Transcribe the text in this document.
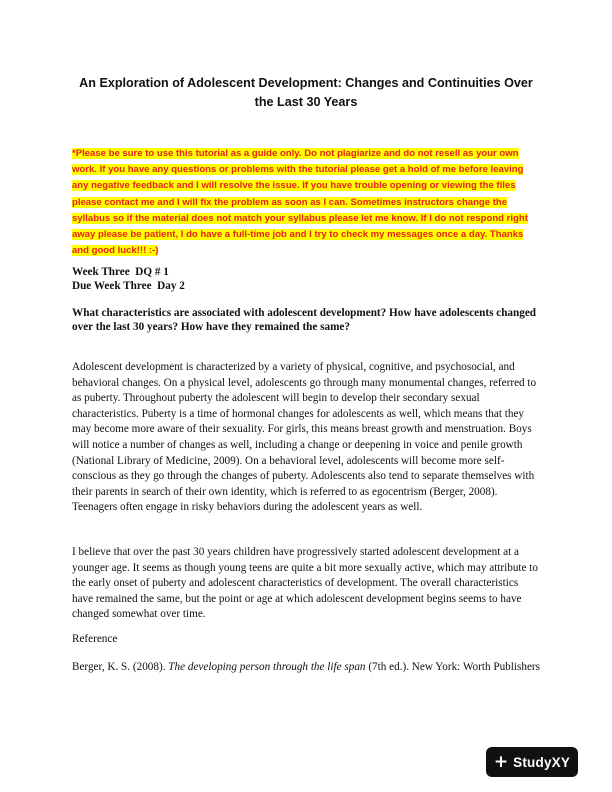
An Exploration of Adolescent Development: Changes and Continuities Over the Last 30 Years

*Please be sure to use this tutorial as a guide only. Do not plagiarize and do not resell as your own work. If you have any questions or problems with the tutorial please get a hold of me before leaving any negative feedback and I will resolve the issue. If you have trouble opening or viewing the files please contact me and I will fix the problem as soon as I can. Sometimes instructors change the syllabus so if the material does not match your syllabus please let me know. If I do not respond right away please be patient, I do have a full-time job and I try to check my messages once a day. Thanks and good luck!!! :-)

Week Three  DQ # 1
Due Week Three  Day 2

What characteristics are associated with adolescent development? How have adolescents changed over the last 30 years? How have they remained the same?

Adolescent development is characterized by a variety of physical, cognitive, and psychosocial, and behavioral changes. On a physical level, adolescents go through many monumental changes, referred to as puberty. Throughout puberty the adolescent will begin to develop their secondary sexual characteristics. Puberty is a time of hormonal changes for adolescents as well, which means that they may become more aware of their sexuality. For girls, this means breast growth and menstruation. Boys will notice a number of changes as well, including a change or deepening in voice and penile growth (National Library of Medicine, 2009). On a behavioral level, adolescents will become more self-conscious as they go through the changes of puberty. Adolescents also tend to separate themselves with their parents in search of their own identity, which is referred to as egocentrism (Berger, 2008). Teenagers often engage in risky behaviors during the adolescent years as well.

I believe that over the past 30 years children have progressively started adolescent development at a younger age. It seems as though young teens are quite a bit more sexually active, which may attribute to the early onset of puberty and adolescent characteristics of development. The overall characteristics have remained the same, but the point or age at which adolescent development begins seems to have changed somewhat over time.

Reference

Berger, K. S. (2008). The developing person through the life span (7th ed.). New York: Worth Publishers

+ StudyXY
